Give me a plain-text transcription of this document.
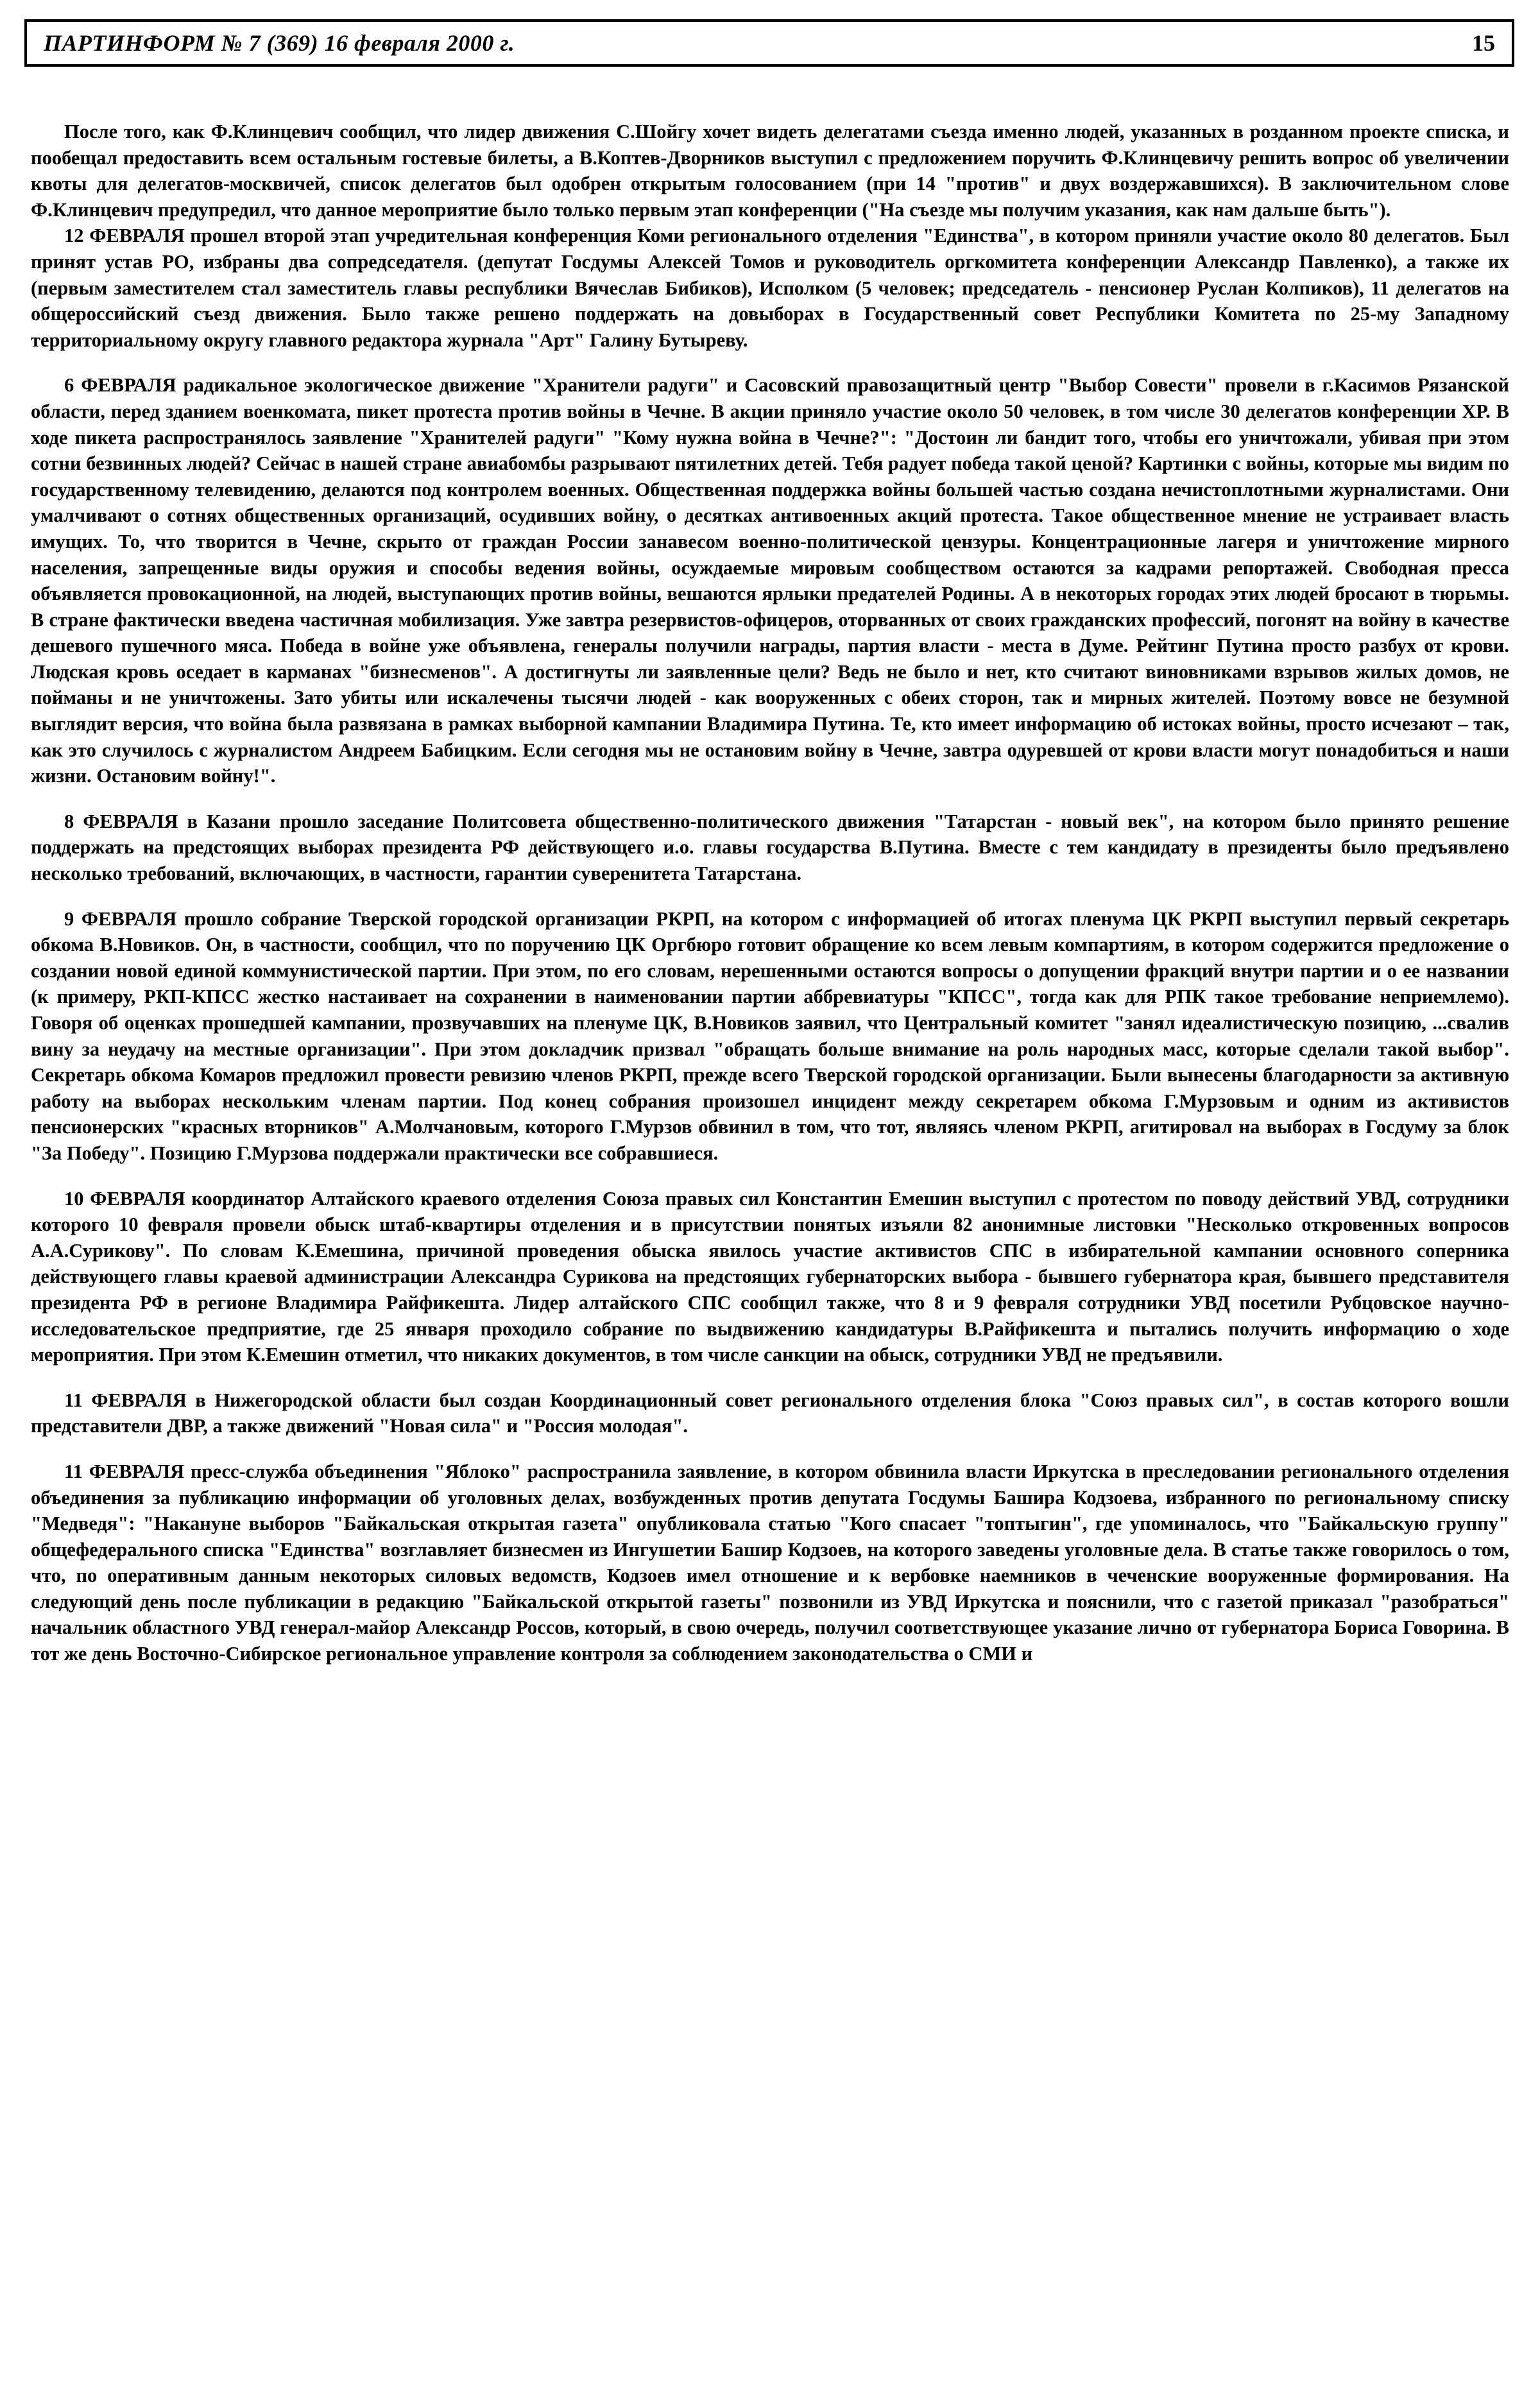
ПАРТИНФОРМ № 7 (369) 16 февраля 2000 г.	15

После того, как Ф.Клинцевич сообщил, что лидер движения С.Шойгу хочет видеть делегатами съезда именно людей, указанных в розданном проекте списка, и пообещал предоставить всем остальным гостевые билеты, а В.Коптев-Дворников выступил с предложением поручить Ф.Клинцевичу решить вопрос об увеличении квоты для делегатов-москвичей, список делегатов был одобрен открытым голосованием (при 14 "против" и двух воздержавшихся). В заключительном слове Ф.Клинцевич предупредил, что данное мероприятие было только первым этап конференции ("На съезде мы получим указания, как нам дальше быть").

12 ФЕВРАЛЯ прошел второй этап учредительная конференция Коми регионального отделения "Единства", в котором приняли участие около 80 делегатов. Был принят устав РО, избраны два сопредседателя. (депутат Госдумы Алексей Томов и руководитель оргкомитета конференции Александр Павленко), а также их (первым заместителем стал заместитель главы республики Вячеслав Бибиков), Исполком (5 человек; председатель - пенсионер Руслан Колпиков), 11 делегатов на общероссийский съезд движения. Было также решено поддержать на довыборах в Государственный совет Республики Комитета по 25-му Западному территориальному округу главного редактора журнала "Арт" Галину Бутыреву.

6 ФЕВРАЛЯ радикальное экологическое движение "Хранители радуги" и Сасовский правозащитный центр "Выбор Совести" провели в г.Касимов Рязанской области, перед зданием военкомата, пикет протеста против войны в Чечне. В акции приняло участие около 50 человек, в том числе 30 делегатов конференции ХР. В ходе пикета распространялось заявление "Хранителей радуги" "Кому нужна война в Чечне?": "Достоин ли бандит того, чтобы его уничтожали, убивая при этом сотни безвинных людей? Сейчас в нашей стране авиабомбы разрывают пятилетних детей. Тебя радует победа такой ценой? Картинки с войны, которые мы видим по государственному телевидению, делаются под контролем военных. Общественная поддержка войны большей частью создана нечистоплотными журналистами. Они умалчивают о сотнях общественных организаций, осудивших войну, о десятках антивоенных акций протеста. Такое общественное мнение не устраивает власть имущих. То, что творится в Чечне, скрыто от граждан России занавесом военно-политической цензуры. Концентрационные лагеря и уничтожение мирного населения, запрещенные виды оружия и способы ведения войны, осуждаемые мировым сообществом остаются за кадрами репортажей. Свободная пресса объявляется провокационной, на людей, выступающих против войны, вешаются ярлыки предателей Родины. А в некоторых городах этих людей бросают в тюрьмы. В стране фактически введена частичная мобилизация. Уже завтра резервистов-офицеров, оторванных от своих гражданских профессий, погонят на войну в качестве дешевого пушечного мяса. Победа в войне уже объявлена, генералы получили награды, партия власти - места в Думе. Рейтинг Путина просто разбух от крови. Людская кровь оседает в карманах "бизнесменов". А достигнуты ли заявленные цели? Ведь не было и нет, кто считают виновниками взрывов жилых домов, не пойманы и не уничтожены. Зато убиты или искалечены тысячи людей - как вооруженных с обеих сторон, так и мирных жителей. Поэтому вовсе не безумной выглядит версия, что война была развязана в рамках выборной кампании Владимира Путина. Те, кто имеет информацию об истоках войны, просто исчезают – так, как это случилось с журналистом Андреем Бабицким. Если сегодня мы не остановим войну в Чечне, завтра одуревшей от крови власти могут понадобиться и наши жизни. Остановим войну!".

8 ФЕВРАЛЯ в Казани прошло заседание Политсовета общественно-политического движения "Татарстан - новый век", на котором было принято решение поддержать на предстоящих выборах президента РФ действующего и.о. главы государства В.Путина. Вместе с тем кандидату в президенты было предъявлено несколько требований, включающих, в частности, гарантии суверенитета Татарстана.

9 ФЕВРАЛЯ прошло собрание Тверской городской организации РКРП, на котором с информацией об итогах пленума ЦК РКРП выступил первый секретарь обкома В.Новиков. Он, в частности, сообщил, что по поручению ЦК Оргбюро готовит обращение ко всем левым компартиям, в котором содержится предложение о создании новой единой коммунистической партии. При этом, по его словам, нерешенными остаются вопросы о допущении фракций внутри партии и о ее названии (к примеру, РКП-КПСС жестко настаивает на сохранении в наименовании партии аббревиатуры "КПСС", тогда как для РПК такое требование неприемлемо). Говоря об оценках прошедшей кампании, прозвучавших на пленуме ЦК, В.Новиков заявил, что Центральный комитет "занял идеалистическую позицию, ...свалив вину за неудачу на местные организации". При этом докладчик призвал "обращать больше внимание на роль народных масс, которые сделали такой выбор". Секретарь обкома Комаров предложил провести ревизию членов РКРП, прежде всего Тверской городской организации. Были вынесены благодарности за активную работу на выборах нескольким членам партии. Под конец собрания произошел инцидент между секретарем обкома Г.Мурзовым и одним из активистов пенсионерских "красных вторников" А.Молчановым, которого Г.Мурзов обвинил в том, что тот, являясь членом РКРП, агитировал на выборах в Госдуму за блок "За Победу". Позицию Г.Мурзова поддержали практически все собравшиеся.

10 ФЕВРАЛЯ координатор Алтайского краевого отделения Союза правых сил Константин Емешин выступил с протестом по поводу действий УВД, сотрудники которого 10 февраля провели обыск штаб-квартиры отделения и в присутствии понятых изъяли 82 анонимные листовки "Несколько откровенных вопросов А.А.Сурикову". По словам К.Емешина, причиной проведения обыска явилось участие активистов СПС в избирательной кампании основного соперника действующего главы краевой администрации Александра Сурикова на предстоящих губернаторских выбора - бывшего губернатора края, бывшего представителя президента РФ в регионе Владимира Райфикешта. Лидер алтайского СПС сообщил также, что 8 и 9 февраля сотрудники УВД посетили Рубцовское научно-исследовательское предприятие, где 25 января проходило собрание по выдвижению кандидатуры В.Райфикешта и пытались получить информацию о ходе мероприятия. При этом К.Емешин отметил, что никаких документов, в том числе санкции на обыск, сотрудники УВД не предъявили.

11 ФЕВРАЛЯ в Нижегородской области был создан Координационный совет регионального отделения блока "Союз правых сил", в состав которого вошли представители ДВР, а также движений "Новая сила" и "Россия молодая".

11 ФЕВРАЛЯ пресс-служба объединения "Яблоко" распространила заявление, в котором обвинила власти Иркутска в преследовании регионального отделения объединения за публикацию информации об уголовных делах, возбужденных против депутата Госдумы Башира Кодзоева, избранного по региональному списку "Медведя": "Накануне выборов "Байкальская открытая газета" опубликовала статью "Кого спасает "топтыгин", где упоминалось, что "Байкальскую группу" общефедерального списка "Единства" возглавляет бизнесмен из Ингушетии Башир Кодзоев, на которого заведены уголовные дела. В статье также говорилось о том, что, по оперативным данным некоторых силовых ведомств, Кодзоев имел отношение и к вербовке наемников в чеченские вооруженные формирования. На следующий день после публикации в редакцию "Байкальской открытой газеты" позвонили из УВД Иркутска и пояснили, что с газетой приказал "разобраться" начальник областного УВД генерал-майор Александр Россов, который, в свою очередь, получил соответствующее указание лично от губернатора Бориса Говорина. В тот же день Восточно-Сибирское региональное управление контроля за соблюдением законодательства о СМИ и
